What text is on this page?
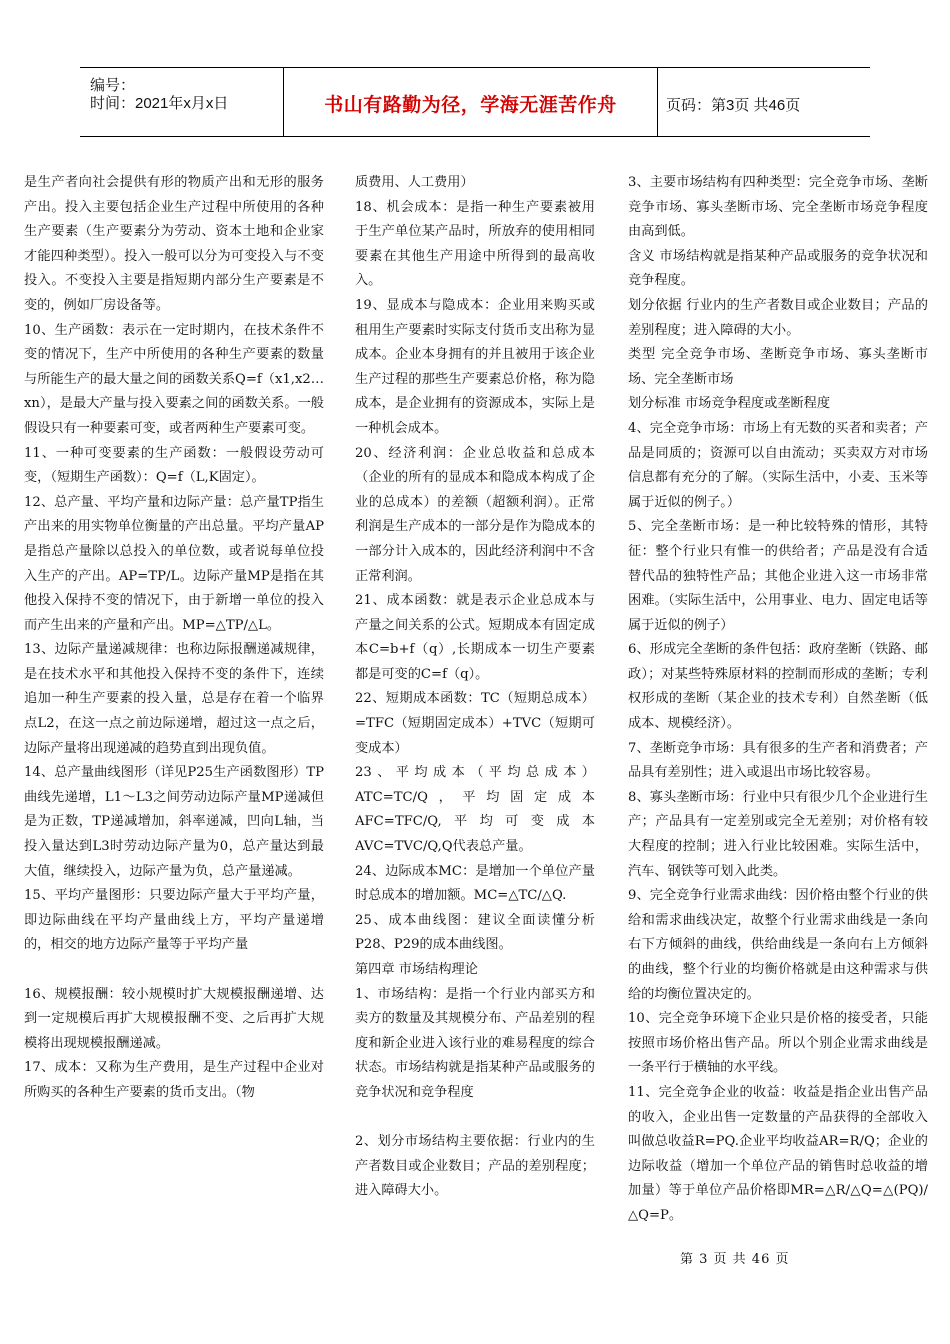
编号：
时间：2021年x月x日	书山有路勤为径，学海无涯苦作舟	页码：第3页 共46页

是生产者向社会提供有形的物质产出和无形的服务产出。投入主要包括企业生产过程中所使用的各种生产要素（生产要素分为劳动、资本土地和企业家才能四种类型）。投入一般可以分为可变投入与不变投入。不变投入主要是指短期内部分生产要素是不变的，例如厂房设备等。

10、生产函数：表示在一定时期内，在技术条件不变的情况下，生产中所使用的各种生产要素的数量与所能生产的最大量之间的函数关系Q=f（x1,x2…xn），是最大产量与投入要素之间的函数关系。一般假设只有一种要素可变，或者两种生产要素可变。

11、一种可变要素的生产函数：一般假设劳动可变，（短期生产函数）：Q=f（L,K固定）。

12、总产量、平均产量和边际产量：总产量TP指生产出来的用实物单位衡量的产出总量。平均产量AP是指总产量除以总投入的单位数，或者说每单位投入生产的产出。AP=TP/L。边际产量MP是指在其他投入保持不变的情况下，由于新增一单位的投入而产生出来的产量和产出。MP=△TP/△L。

13、边际产量递减规律：也称边际报酬递减规律，是在技术水平和其他投入保持不变的条件下，连续追加一种生产要素的投入量，总是存在着一个临界点L2，在这一点之前边际递增，超过这一点之后，边际产量将出现递减的趋势直到出现负值。

14、总产量曲线图形（详见P25生产函数图形）TP曲线先递增，L1～L3之间劳动边际产量MP递减但是为正数，TP递减增加，斜率递减，凹向L轴，当投入量达到L3时劳动边际产量为0，总产量达到最大值，继续投入，边际产量为负，总产量递减。

15、平均产量图形：只要边际产量大于平均产量，即边际曲线在平均产量曲线上方，平均产量递增的，相交的地方边际产量等于平均产量

16、规模报酬：较小规模时扩大规模报酬递增、达到一定规模后再扩大规模报酬不变、之后再扩大规模将出现规模报酬递减。

17、成本：又称为生产费用，是生产过程中企业对所购买的各种生产要素的货币支出。（物

质费用、人工费用）

18、机会成本：是指一种生产要素被用于生产单位某产品时，所放弃的使用相同要素在其他生产用途中所得到的最高收入。

19、显成本与隐成本：企业用来购买或租用生产要素时实际支付货币支出称为显成本。企业本身拥有的并且被用于该企业生产过程的那些生产要素总价格，称为隐成本，是企业拥有的资源成本，实际上是一种机会成本。

20、经济利润：企业总收益和总成本（企业的所有的显成本和隐成本构成了企业的总成本）的差额（超额利润）。正常利润是生产成本的一部分是作为隐成本的一部分计入成本的，因此经济利润中不含正常利润。

21、成本函数：就是表示企业总成本与产量之间关系的公式。短期成本有固定成本C=b+f（q）,长期成本一切生产要素都是可变的C=f（q）。

22、短期成本函数：TC（短期总成本）=TFC（短期固定成本）+TVC（短期可变成本）

23、平均成本（平均总成本）ATC=TC/Q，平均固定成本AFC=TFC/Q,平均可变成本AVC=TVC/Q,Q代表总产量。

24、边际成本MC：是增加一个单位产量时总成本的增加额。MC=△TC/△Q.

25、成本曲线图：建议全面读懂分析P28、P29的成本曲线图。

第四章 市场结构理论

1、市场结构：是指一个行业内部买方和卖方的数量及其规模分布、产品差别的程度和新企业进入该行业的难易程度的综合状态。市场结构就是指某种产品或服务的竞争状况和竞争程度

2、划分市场结构主要依据：行业内的生产者数目或企业数目；产品的差别程度；进入障碍大小。

3、主要市场结构有四种类型：完全竞争市场、垄断竞争市场、寡头垄断市场、完全垄断市场竞争程度由高到低。

含义 市场结构就是指某种产品或服务的竞争状况和竞争程度。

划分依据 行业内的生产者数目或企业数目；产品的差别程度；进入障碍的大小。

类型 完全竞争市场、垄断竞争市场、寡头垄断市场、完全垄断市场

划分标准 市场竞争程度或垄断程度

4、完全竞争市场：市场上有无数的买者和卖者；产品是同质的；资源可以自由流动；买卖双方对市场信息都有充分的了解。（实际生活中，小麦、玉米等属于近似的例子。）

5、完全垄断市场：是一种比较特殊的情形，其特征：整个行业只有惟一的供给者；产品是没有合适替代品的独特性产品；其他企业进入这一市场非常困难。（实际生活中，公用事业、电力、固定电话等属于近似的例子）

6、形成完全垄断的条件包括：政府垄断（铁路、邮政）；对某些特殊原材料的控制而形成的垄断；专利权形成的垄断（某企业的技术专利）自然垄断（低成本、规模经济）。

7、垄断竞争市场：具有很多的生产者和消费者；产品具有差别性；进入或退出市场比较容易。

8、寡头垄断市场：行业中只有很少几个企业进行生产；产品具有一定差别或完全无差别；对价格有较大程度的控制；进入行业比较困难。实际生活中，汽车、钢铁等可划入此类。

9、完全竞争行业需求曲线：因价格由整个行业的供给和需求曲线决定，故整个行业需求曲线是一条向右下方倾斜的曲线，供给曲线是一条向右上方倾斜的曲线，整个行业的均衡价格就是由这种需求与供给的均衡位置决定的。

10、完全竞争环境下企业只是价格的接受者，只能按照市场价格出售产品。所以个别企业需求曲线是一条平行于横轴的水平线。

11、完全竞争企业的收益：收益是指企业出售产品的收入，企业出售一定数量的产品获得的全部收入叫做总收益R=PQ.企业平均收益AR=R/Q；企业的边际收益（增加一个单位产品的销售时总收益的增加量）等于单位产品价格即MR=△R/△Q=△(PQ)/△Q=P。

第 3 页 共 46 页
